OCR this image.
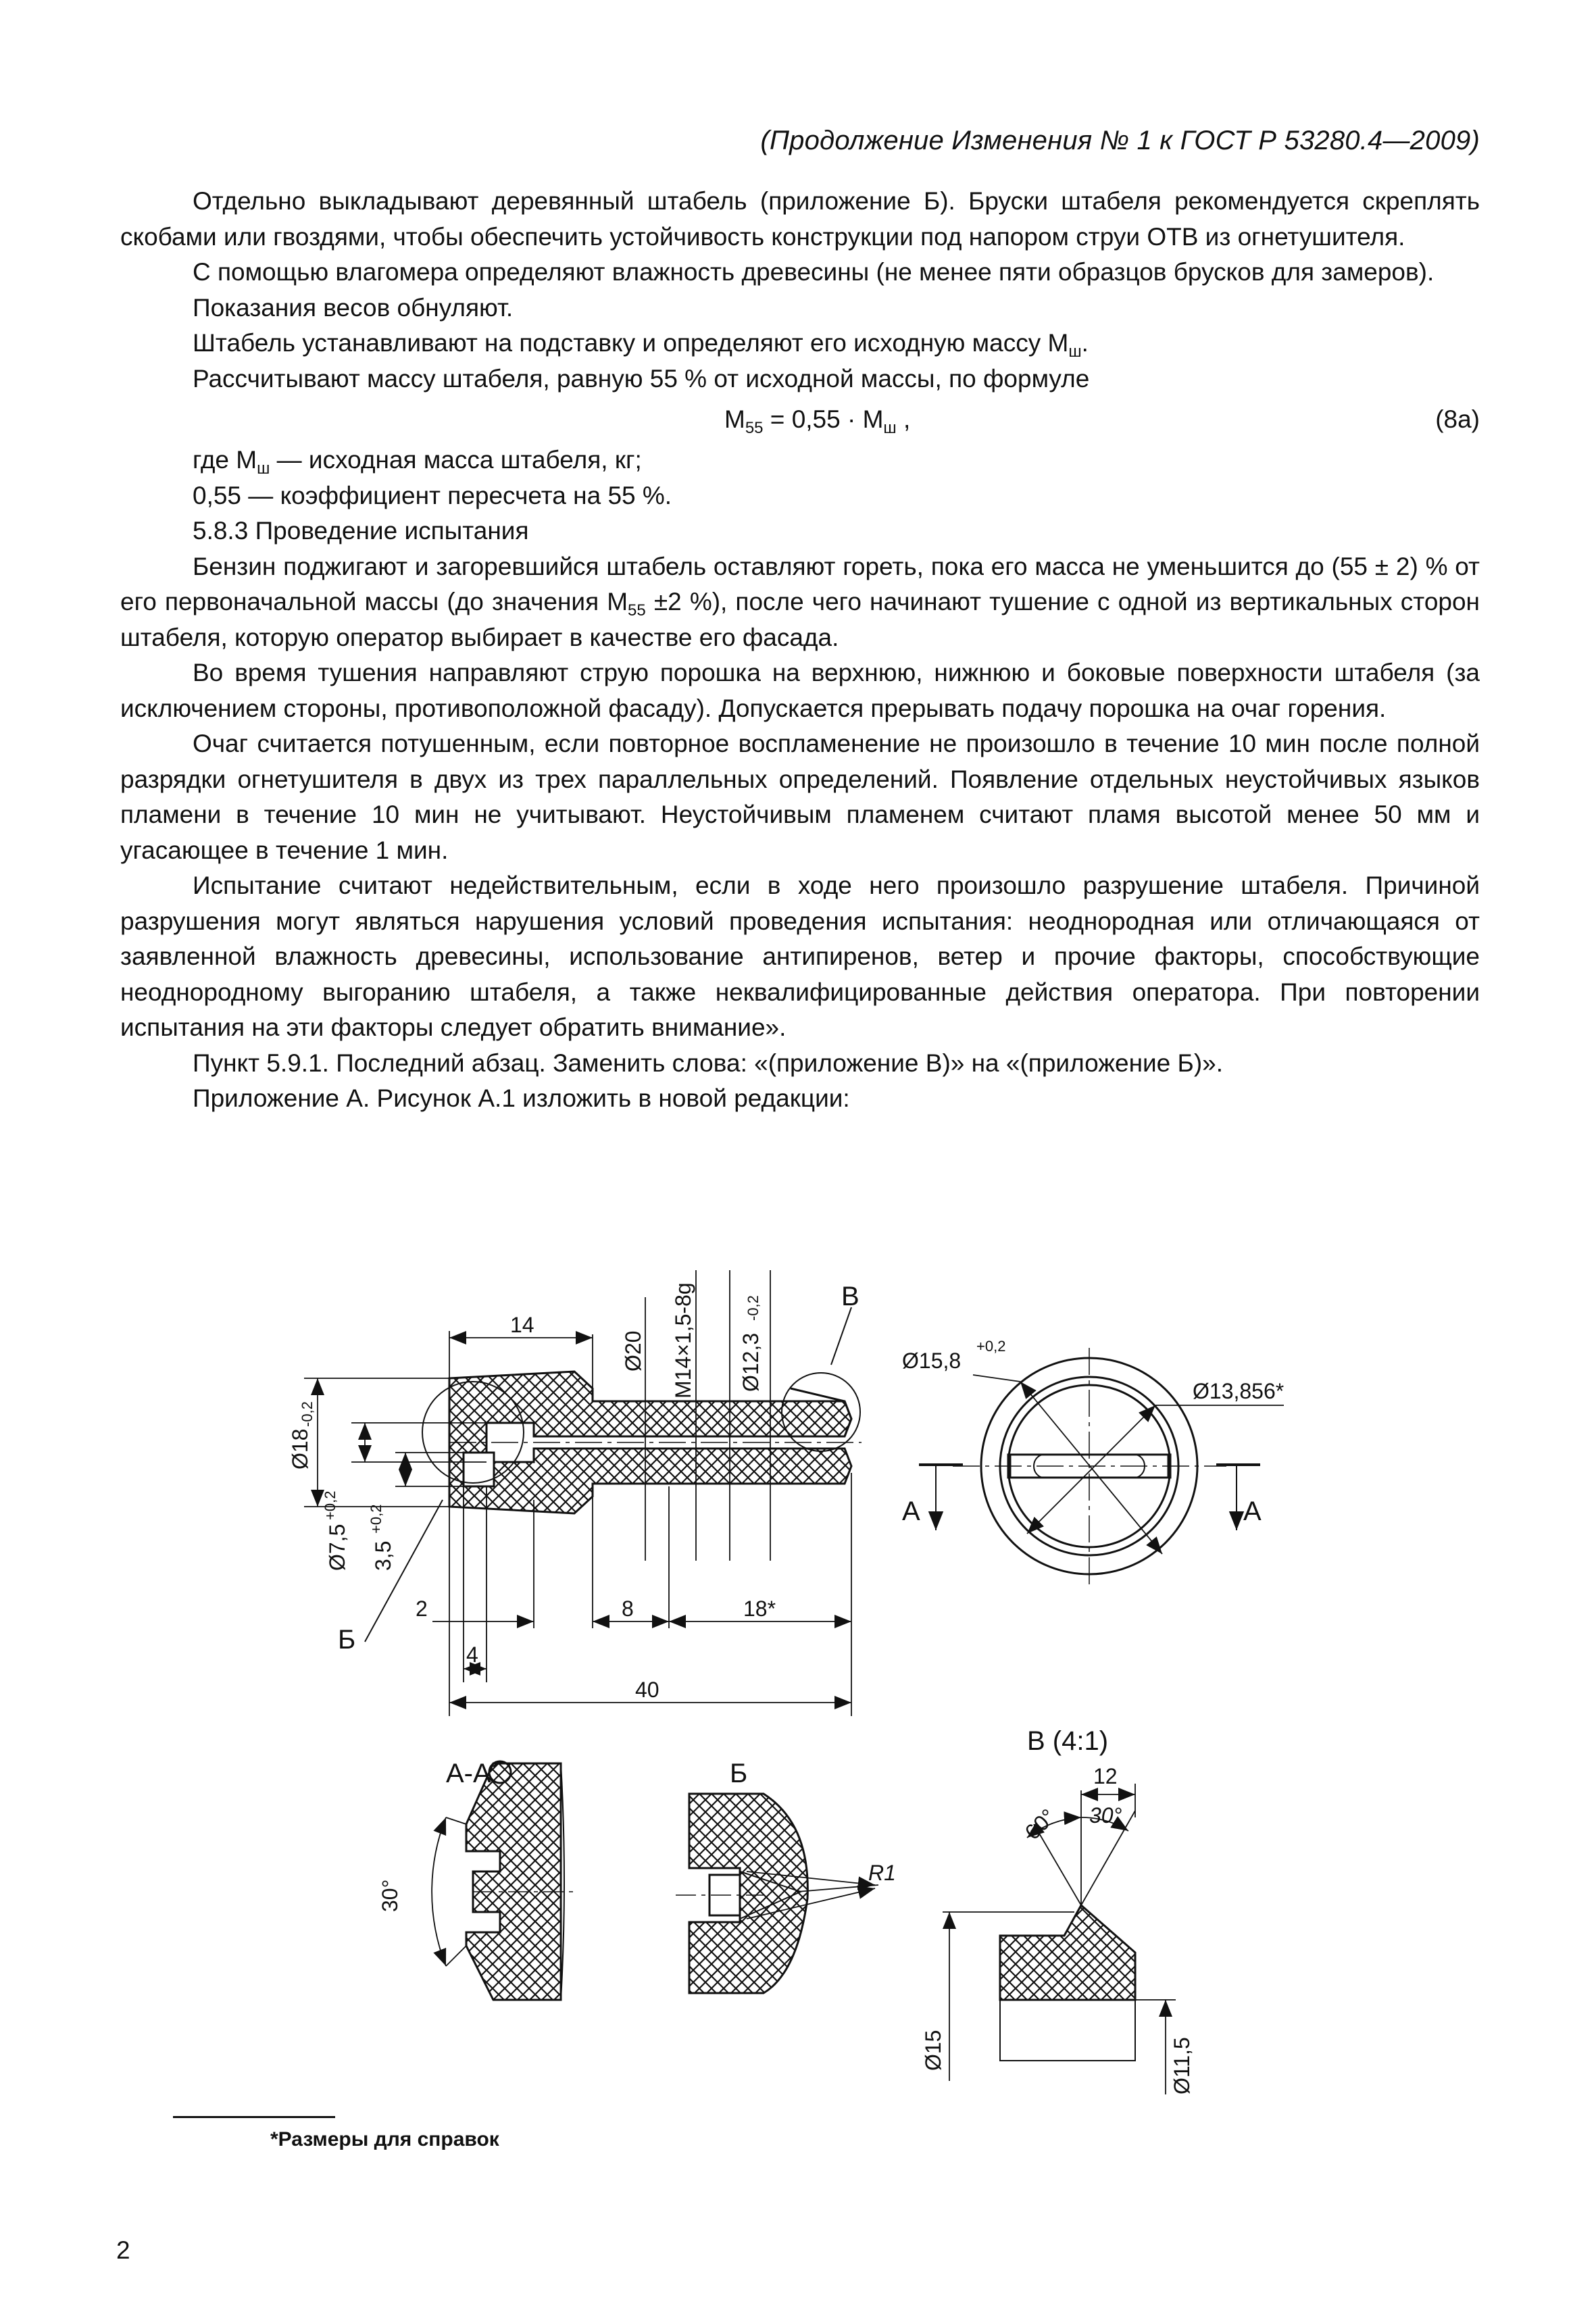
(Продолжение Изменения № 1 к ГОСТ Р 53280.4—2009)

Отдельно выкладывают деревянный штабель (приложение Б). Бруски штабеля рекомендуется скреплять скобами или гвоздями, чтобы обеспечить устойчивость конструкции под напором струи ОТВ из огнетушителя.

С помощью влагомера определяют влажность древесины (не менее пяти образцов брусков для замеров).

Показания весов обнуляют.

Штабель устанавливают на подставку и определяют его исходную массу $М_ш$.

Рассчитывают массу штабеля, равную 55 % от исходной массы, по формуле

$М_{55} = 0,55 \cdot М_ш$ ,	(8а)

где $М_ш$ — исходная масса штабеля, кг;

0,55 — коэффициент пересчета на 55 %.

5.8.3 Проведение испытания

Бензин поджигают и загоревшийся штабель оставляют гореть, пока его масса не уменьшится до (55 ± 2) % от его первоначальной массы (до значения $М_{55} \pm 2$ %), после чего начинают тушение с одной из вертикальных сторон штабеля, которую оператор выбирает в качестве его фасада.

Во время тушения направляют струю порошка на верхнюю, нижнюю и боковые поверхности штабеля (за исключением стороны, противоположной фасаду). Допускается прерывать подачу порошка на очаг горения.

Очаг считается потушенным, если повторное воспламенение не произошло в течение 10 мин после полной разрядки огнетушителя в двух из трех параллельных определений. Появление отдельных неустойчивых языков пламени в течение 10 мин не учитывают. Неустойчивым пламенем считают пламя высотой менее 50 мм и угасающее в течение 1 мин.

Испытание считают недействительным, если в ходе него произошло разрушение штабеля. Причиной разрушения могут являться нарушения условий проведения испытания: неоднородная или отличающаяся от заявленной влажность древесины, использование антипиренов, ветер и прочие факторы, способствующие неоднородному выгоранию штабеля, а также неквалифицированные действия оператора. При повторении испытания на эти факторы следует обратить внимание».

Пункт 5.9.1. Последний абзац. Заменить слова: «(приложение В)» на «(приложение Б)».

Приложение А. Рисунок А.1 изложить в новой редакции:

14
Ø20 M14×1,5-8g Ø12,3
-0,2	В
Ø18
-0,2
Ø7,5
+0,2
3,5
+0,2
2
4
8	18*
40
Б
Ø15,8
+0,2
Ø13,856*
А	А
А-А	Б
В (4:1)
30°
R1
12
60° 30°
Ø15	Ø11,5
*Размеры для справок
2
